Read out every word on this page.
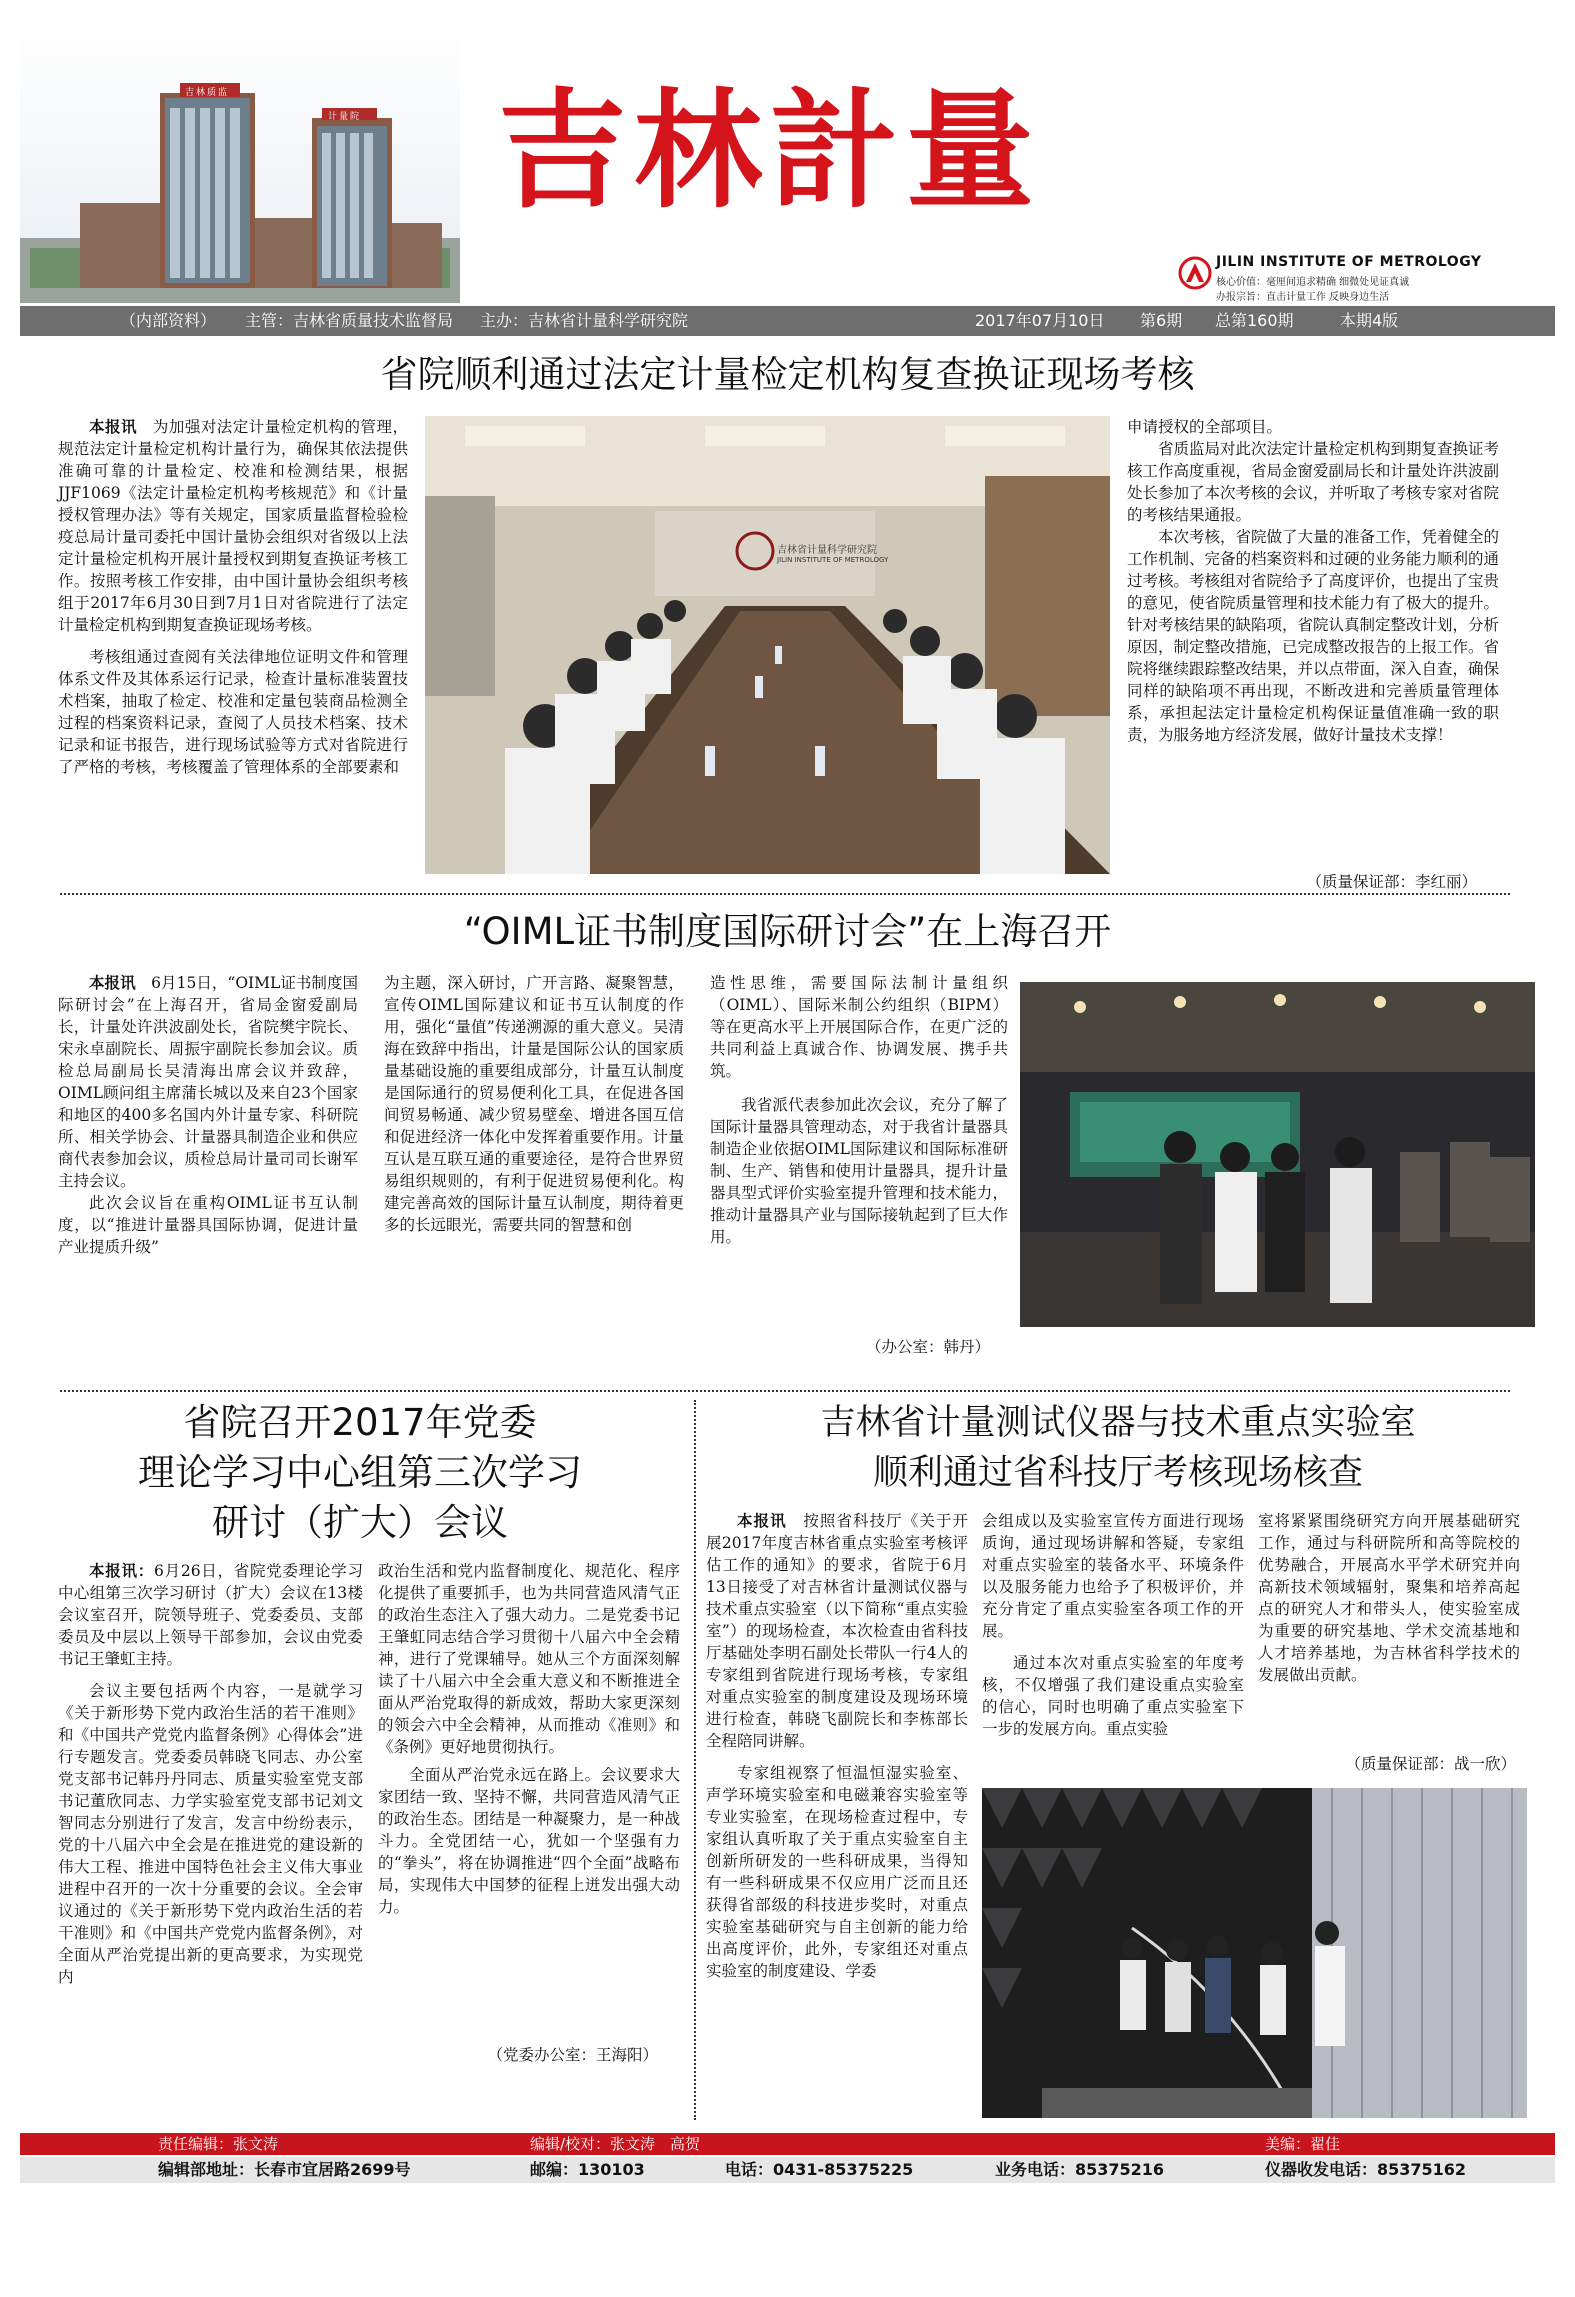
吉林质监
计量院 吉林計量
JILIN INSTITUTE OF METROLOGY
核心价值：毫厘间追求精确 细微处见证真诚
办报宗旨：直击计量工作 反映身边生活
（内部资料） 主管：吉林省质量技术监督局 主办：吉林省计量科学研究院	2017年07月10日 第6期 总第160期	本期4版
省院顺利通过法定计量检定机构复查换证现场考核

本报讯　 为加强对法定计量检定机构的管理，规范法定计量检定机构计量行为，确保其依法提供准确可靠的计量检定、校准和检测结果，根据JJF1069《法定计量检定机构考核规范》和《计量授权管理办法》等有关规定，国家质量监督检验检疫总局计量司委托中国计量协会组织对省级以上法定计量检定机构开展计量授权到期复查换证考核工作。按照考核工作安排，由中国计量协会组织考核组于2017年6月30日到7月1日对省院进行了法定计量检定机构到期复查换证现场考核。

考核组通过查阅有关法律地位证明文件和管理体系文件及其体系运行记录，检查计量标准装置技术档案，抽取了检定、校准和定量包装商品检测全过程的档案资料记录，查阅了人员技术档案、技术记录和证书报告，进行现场试验等方式对省院进行了严格的考核，考核覆盖了管理体系的全部要素和

吉林省计量科学研究院
JILIN INSTITUTE OF METROLOGY

申请授权的全部项目。

省质监局对此次法定计量检定机构到期复查换证考核工作高度重视，省局金窗爱副局长和计量处许洪波副处长参加了本次考核的会议，并听取了考核专家对省院的考核结果通报。

本次考核，省院做了大量的准备工作，凭着健全的工作机制、完备的档案资料和过硬的业务能力顺利的通过考核。考核组对省院给予了高度评价，也提出了宝贵的意见，使省院质量管理和技术能力有了极大的提升。针对考核结果的缺陷项，省院认真制定整改计划，分析原因，制定整改措施，已完成整改报告的上报工作。省院将继续跟踪整改结果，并以点带面，深入自查，确保同样的缺陷项不再出现，不断改进和完善质量管理体系，承担起法定计量检定机构保证量值准确一致的职责，为服务地方经济发展，做好计量技术支撑！

（质量保证部：李红丽）
“OIML证书制度国际研讨会”在上海召开

本报讯　 6月15日，“OIML证书制度国际研讨会”在上海召开，省局金窗爱副局长，计量处许洪波副处长，省院樊宇院长、宋永卓副院长、周振宇副院长参加会议。质检总局副局长吴清海出席会议并致辞，OIML顾问组主席蒲长城以及来自23个国家和地区的400多名国内外计量专家、科研院所、相关学协会、计量器具制造企业和供应商代表参加会议，质检总局计量司司长谢军主持会议。

此次会议旨在重构OIML证书互认制度，以“推进计量器具国际协调，促进计量产业提质升级”

为主题，深入研讨，广开言路、凝聚智慧，宣传OIML国际建议和证书互认制度的作用，强化“量值”传递溯源的重大意义。吴清海在致辞中指出，计量是国际公认的国家质量基础设施的重要组成部分，计量互认制度是国际通行的贸易便利化工具，在促进各国间贸易畅通、减少贸易壁垒、增进各国互信和促进经济一体化中发挥着重要作用。计量互认是互联互通的重要途径，是符合世界贸易组织规则的，有利于促进贸易便利化。构建完善高效的国际计量互认制度，期待着更多的长远眼光，需要共同的智慧和创

造性思维，需要国际法制计量组织（OIML）、国际米制公约组织（BIPM）等在更高水平上开展国际合作，在更广泛的共同利益上真诚合作、协调发展、携手共筑。

我省派代表参加此次会议，充分了解了国际计量器具管理动态，对于我省计量器具制造企业依据OIML国际建议和国际标准研制、生产、销售和使用计量器具，提升计量器具型式评价实验室提升管理和技术能力，推动计量器具产业与国际接轨起到了巨大作用。

（办公室：韩丹）
省院召开2017年党委
理论学习中心组第三次学习
研讨（扩大）会议

本报讯：6月26日，省院党委理论学习中心组第三次学习研讨（扩大）会议在13楼会议室召开，院领导班子、党委委员、支部委员及中层以上领导干部参加，会议由党委书记王肇虹主持。

会议主要包括两个内容，一是就学习《关于新形势下党内政治生活的若干准则》和《中国共产党党内监督条例》心得体会”进行专题发言。党委委员韩晓飞同志、办公室党支部书记韩丹丹同志、质量实验室党支部书记董欣同志、力学实验室党支部书记刘文智同志分别进行了发言，发言中纷纷表示，党的十八届六中全会是在推进党的建设新的伟大工程、推进中国特色社会主义伟大事业进程中召开的一次十分重要的会议。全会审议通过的《关于新形势下党内政治生活的若干准则》和《中国共产党党内监督条例》，对全面从严治党提出新的更高要求，为实现党内

政治生活和党内监督制度化、规范化、程序化提供了重要抓手，也为共同营造风清气正的政治生态注入了强大动力。二是党委书记王肇虹同志结合学习贯彻十八届六中全会精神，进行了党课辅导。她从三个方面深刻解读了十八届六中全会重大意义和不断推进全面从严治党取得的新成效，帮助大家更深刻的领会六中全会精神，从而推动《准则》和《条例》更好地贯彻执行。

全面从严治党永远在路上。会议要求大家团结一致、坚持不懈，共同营造风清气正的政治生态。团结是一种凝聚力，是一种战斗力。全党团结一心，犹如一个坚强有力的“拳头”，将在协调推进“四个全面”战略布局，实现伟大中国梦的征程上迸发出强大动力。

（党委办公室：王海阳）
吉林省计量测试仪器与技术重点实验室
顺利通过省科技厅考核现场核查

本报讯　 按照省科技厅《关于开展2017年度吉林省重点实验室考核评估工作的通知》的要求，省院于6月13日接受了对吉林省计量测试仪器与技术重点实验室（以下简称“重点实验室”）的现场检查，本次检查由省科技厅基础处李明石副处长带队一行4人的专家组到省院进行现场考核，专家组对重点实验室的制度建设及现场环境进行检查，韩晓飞副院长和李栋部长全程陪同讲解。

专家组视察了恒温恒湿实验室、声学环境实验室和电磁兼容实验室等专业实验室，在现场检查过程中，专家组认真听取了关于重点实验室自主创新所研发的一些科研成果，当得知有一些科研成果不仅应用广泛而且还获得省部级的科技进步奖时，对重点实验室基础研究与自主创新的能力给出高度评价，此外，专家组还对重点实验室的制度建设、学委

会组成以及实验室宣传方面进行现场质询，通过现场讲解和答疑，专家组对重点实验室的装备水平、环境条件以及服务能力也给予了积极评价，并充分肯定了重点实验室各项工作的开展。

通过本次对重点实验室的年度考核，不仅增强了我们建设重点实验室的信心，同时也明确了重点实验室下一步的发展方向。重点实验

室将紧紧围绕研究方向开展基础研究工作，通过与科研院所和高等院校的优势融合，开展高水平学术研究并向高新技术领域辐射，聚集和培养高起点的研究人才和带头人，使实验室成为重要的研究基地、学术交流基地和人才培养基地，为吉林省科学技术的发展做出贡献。

（质量保证部：战一欣）
责任编辑：张文涛	编辑/校对：张文涛　高贺	美编：翟佳
编辑部地址：长春市宜居路2699号	邮编：130103	电话：0431-85375225	业务电话：85375216	仪器收发电话：85375162
